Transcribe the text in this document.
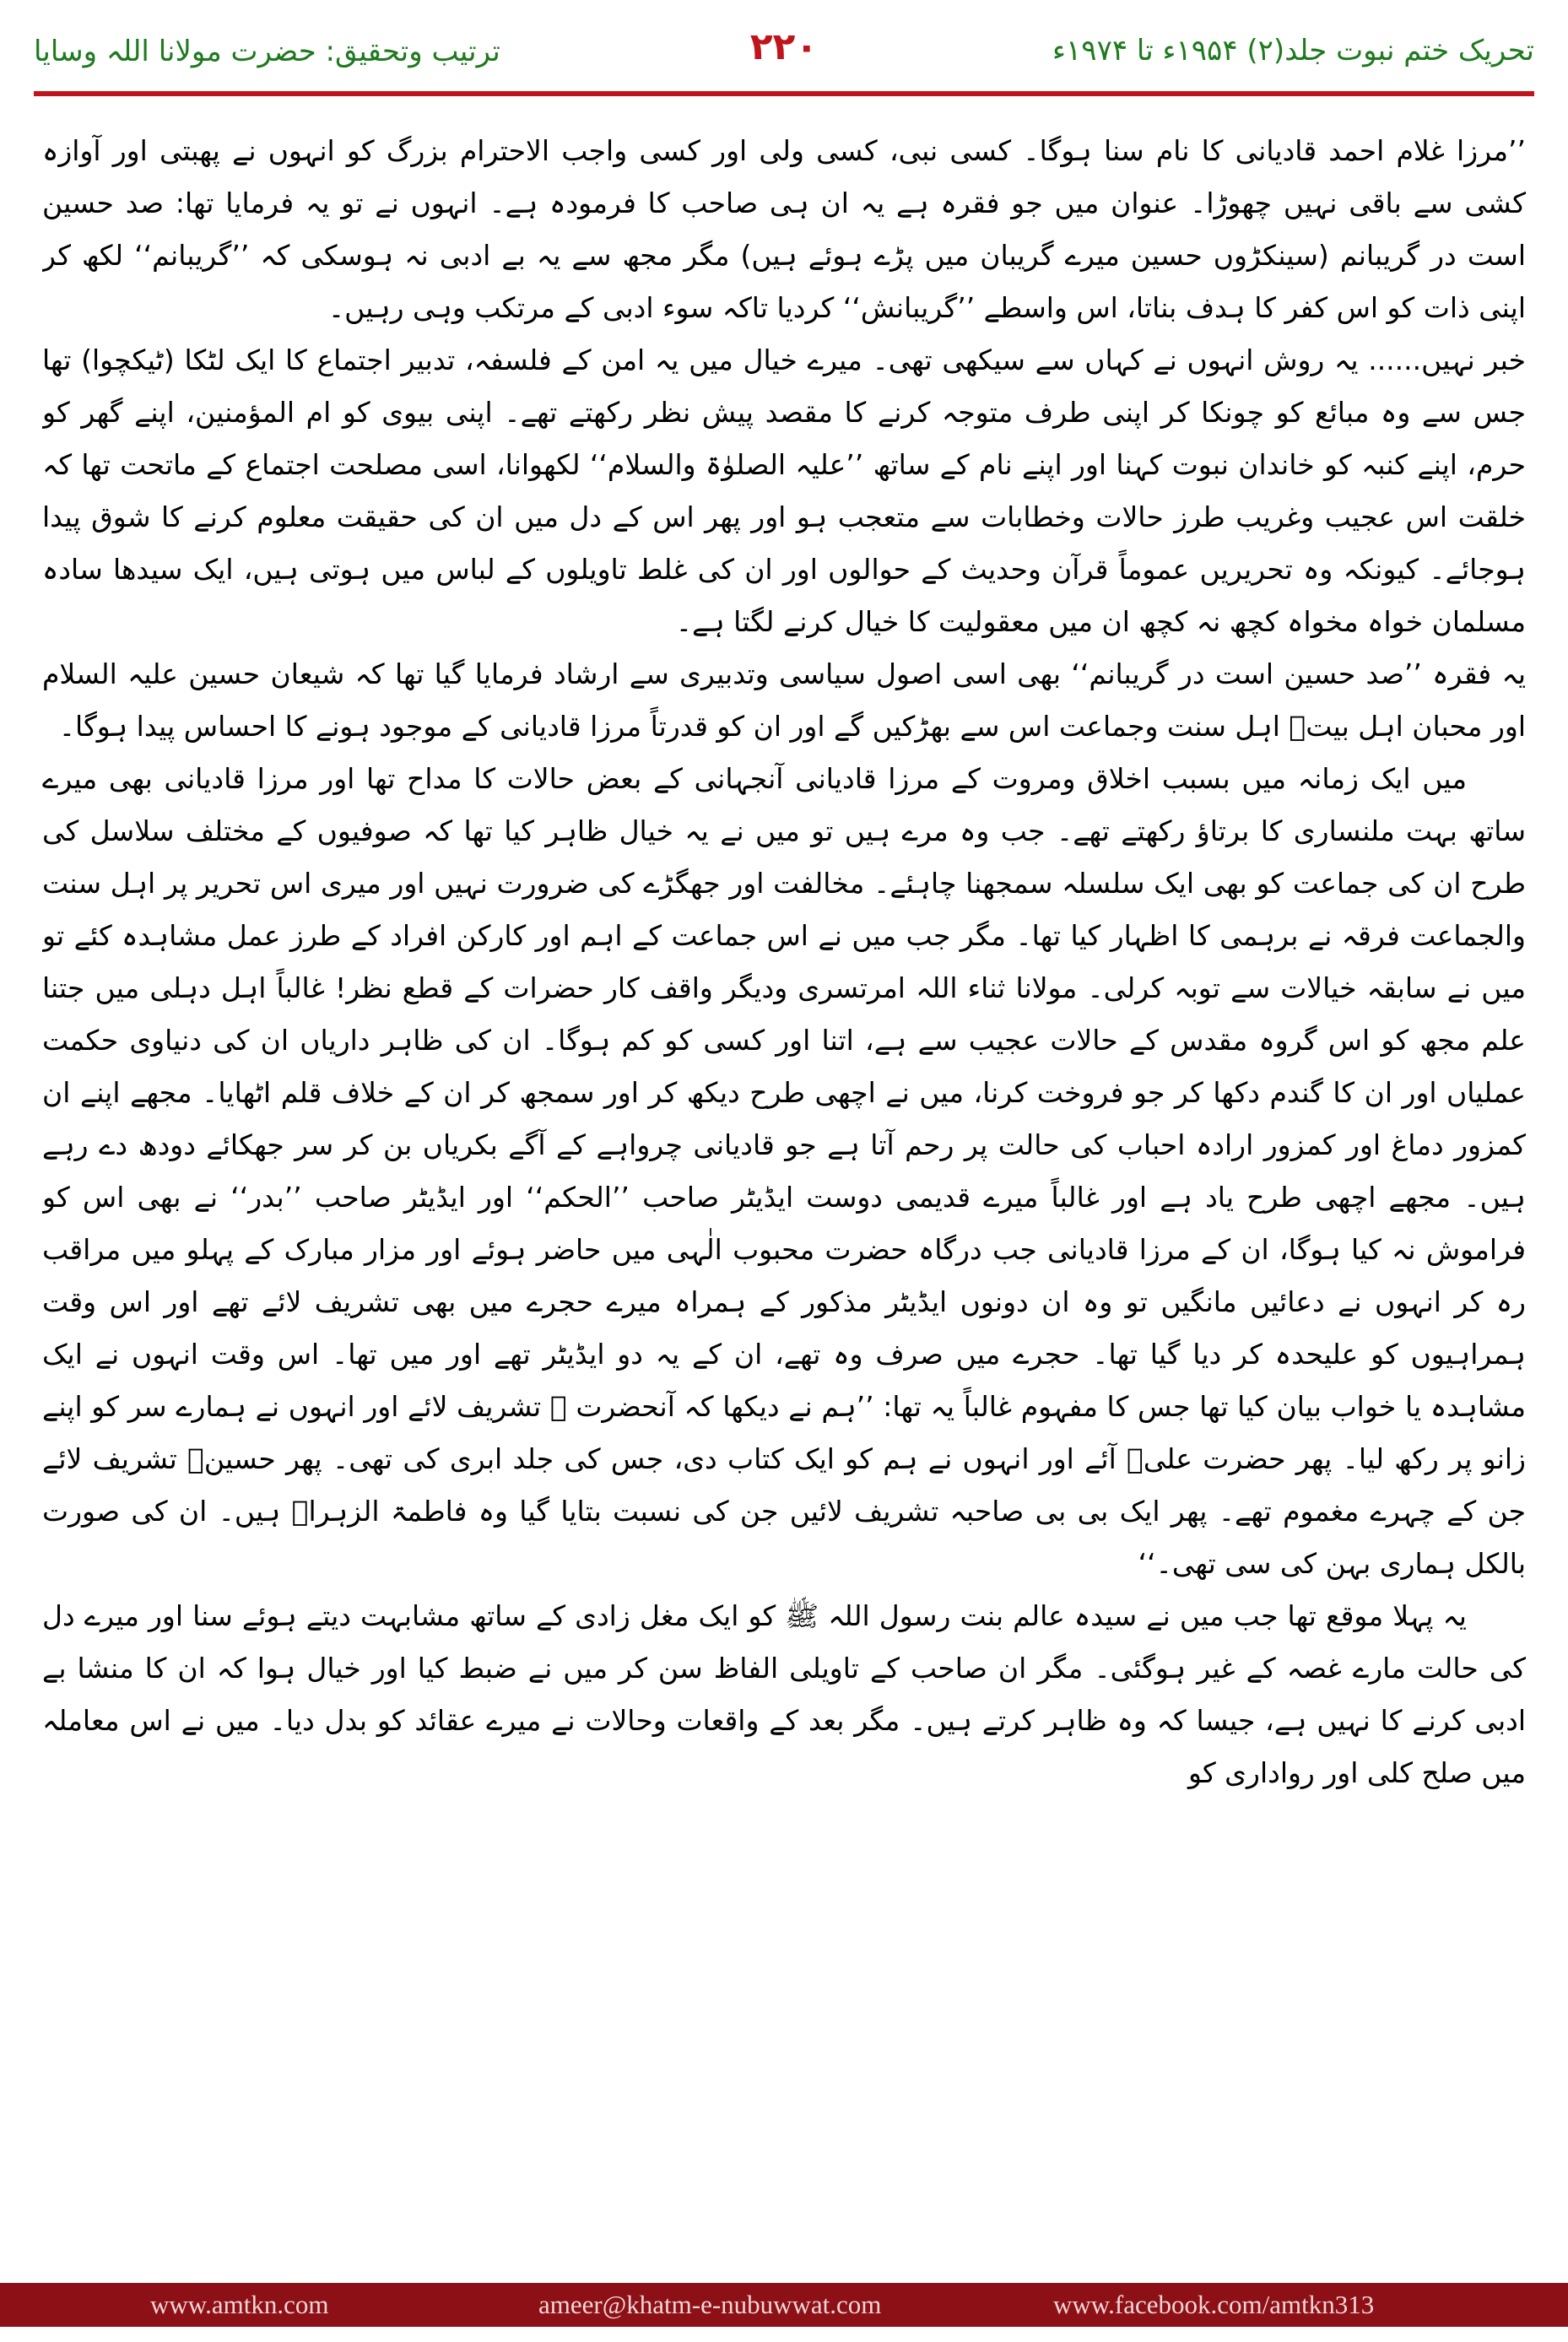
ترتیب وتحقیق: حضرت مولانا اللہ وسایا	۲۲۰	تحریک ختم نبوت جلد(۲) ۱۹۵۴ء تا ۱۹۷۴ء

’’مرزا غلام احمد قادیانی کا نام سنا ہوگا۔ کسی نبی، کسی ولی اور کسی واجب الاحترام بزرگ کو انہوں نے پھبتی اور آوازہ کشی سے باقی نہیں چھوڑا۔ عنوان میں جو فقرہ ہے یہ ان ہی صاحب کا فرمودہ ہے۔ انہوں نے تو یہ فرمایا تھا: صد حسین است در گریبانم (سینکڑوں حسین میرے گریبان میں پڑے ہوئے ہیں) مگر مجھ سے یہ بے ادبی نہ ہوسکی کہ ’’گریبانم‘‘ لکھ کر اپنی ذات کو اس کفر کا ہدف بناتا، اس واسطے ’’گریبانش‘‘ کردیا تاکہ سوء ادبی کے مرتکب وہی رہیں۔

خبر نہیں...... یہ روش انہوں نے کہاں سے سیکھی تھی۔ میرے خیال میں یہ امن کے فلسفہ، تدبیر اجتماع کا ایک لٹکا (ٹیکچوا) تھا جس سے وہ مبائع کو چونکا کر اپنی طرف متوجہ کرنے کا مقصد پیش نظر رکھتے تھے۔ اپنی بیوی کو ام المؤمنین، اپنے گھر کو حرم، اپنے کنبہ کو خاندان نبوت کہنا اور اپنے نام کے ساتھ ’’علیہ الصلوٰۃ والسلام‘‘ لکھوانا، اسی مصلحت اجتماع کے ماتحت تھا کہ خلقت اس عجیب وغریب طرز حالات وخطابات سے متعجب ہو اور پھر اس کے دل میں ان کی حقیقت معلوم کرنے کا شوق پیدا ہوجائے۔ کیونکہ وہ تحریریں عموماً قرآن وحدیث کے حوالوں اور ان کی غلط تاویلوں کے لباس میں ہوتی ہیں، ایک سیدھا سادہ مسلمان خواہ مخواہ کچھ نہ کچھ ان میں معقولیت کا خیال کرنے لگتا ہے۔

یہ فقرہ ’’صد حسین است در گریبانم‘‘ بھی اسی اصول سیاسی وتدبیری سے ارشاد فرمایا گیا تھا کہ شیعان حسین علیہ السلام اور محبان اہل بیتؓ اہل سنت وجماعت اس سے بھڑکیں گے اور ان کو قدرتاً مرزا قادیانی کے موجود ہونے کا احساس پیدا ہوگا۔

میں ایک زمانہ میں بسبب اخلاق ومروت کے مرزا قادیانی آنجہانی کے بعض حالات کا مداح تھا اور مرزا قادیانی بھی میرے ساتھ بہت ملنساری کا برتاؤ رکھتے تھے۔ جب وہ مرے ہیں تو میں نے یہ خیال ظاہر کیا تھا کہ صوفیوں کے مختلف سلاسل کی طرح ان کی جماعت کو بھی ایک سلسلہ سمجھنا چاہئے۔ مخالفت اور جھگڑے کی ضرورت نہیں اور میری اس تحریر پر اہل سنت والجماعت فرقہ نے برہمی کا اظہار کیا تھا۔ مگر جب میں نے اس جماعت کے اہم اور کارکن افراد کے طرز عمل مشاہدہ کئے تو میں نے سابقہ خیالات سے توبہ کرلی۔ مولانا ثناء اللہ امرتسری ودیگر واقف کار حضرات کے قطع نظر! غالباً اہل دہلی میں جتنا علم مجھ کو اس گروہ مقدس کے حالات عجیب سے ہے، اتنا اور کسی کو کم ہوگا۔ ان کی ظاہر داریاں ان کی دنیاوی حکمت عملیاں اور ان کا گندم دکھا کر جو فروخت کرنا، میں نے اچھی طرح دیکھ کر اور سمجھ کر ان کے خلاف قلم اٹھایا۔ مجھے اپنے ان کمزور دماغ اور کمزور ارادہ احباب کی حالت پر رحم آتا ہے جو قادیانی چرواہے کے آگے بکریاں بن کر سر جھکائے دودھ دے رہے ہیں۔ مجھے اچھی طرح یاد ہے اور غالباً میرے قدیمی دوست ایڈیٹر صاحب ’’الحکم‘‘ اور ایڈیٹر صاحب ’’بدر‘‘ نے بھی اس کو فراموش نہ کیا ہوگا، ان کے مرزا قادیانی جب درگاہ حضرت محبوب الٰہی میں حاضر ہوئے اور مزار مبارک کے پہلو میں مراقب رہ کر انہوں نے دعائیں مانگیں تو وہ ان دونوں ایڈیٹر مذکور کے ہمراہ میرے حجرے میں بھی تشریف لائے تھے اور اس وقت ہمراہیوں کو علیحدہ کر دیا گیا تھا۔ حجرے میں صرف وہ تھے، ان کے یہ دو ایڈیٹر تھے اور میں تھا۔ اس وقت انہوں نے ایک مشاہدہ یا خواب بیان کیا تھا جس کا مفہوم غالباً یہ تھا: ’’ہم نے دیکھا کہ آنحضرت ﷺ تشریف لائے اور انہوں نے ہمارے سر کو اپنے زانو پر رکھ لیا۔ پھر حضرت علیؓ آئے اور انہوں نے ہم کو ایک کتاب دی، جس کی جلد ابری کی تھی۔ پھر حسینؓ تشریف لائے جن کے چہرے مغموم تھے۔ پھر ایک بی بی صاحبہ تشریف لائیں جن کی نسبت بتایا گیا وہ فاطمۃ الزہراؓ ہیں۔ ان کی صورت بالکل ہماری بہن کی سی تھی۔‘‘

یہ پہلا موقع تھا جب میں نے سیدہ عالم بنت رسول اللہ ﷺ کو ایک مغل زادی کے ساتھ مشابہت دیتے ہوئے سنا اور میرے دل کی حالت مارے غصہ کے غیر ہوگئی۔ مگر ان صاحب کے تاویلی الفاظ سن کر میں نے ضبط کیا اور خیال ہوا کہ ان کا منشا بے ادبی کرنے کا نہیں ہے، جیسا کہ وہ ظاہر کرتے ہیں۔ مگر بعد کے واقعات وحالات نے میرے عقائد کو بدل دیا۔ میں نے اس معاملہ میں صلح کلی اور رواداری کو

www.amtkn.com	ameer@khatm-e-nubuwwat.com	www.facebook.com/amtkn313
